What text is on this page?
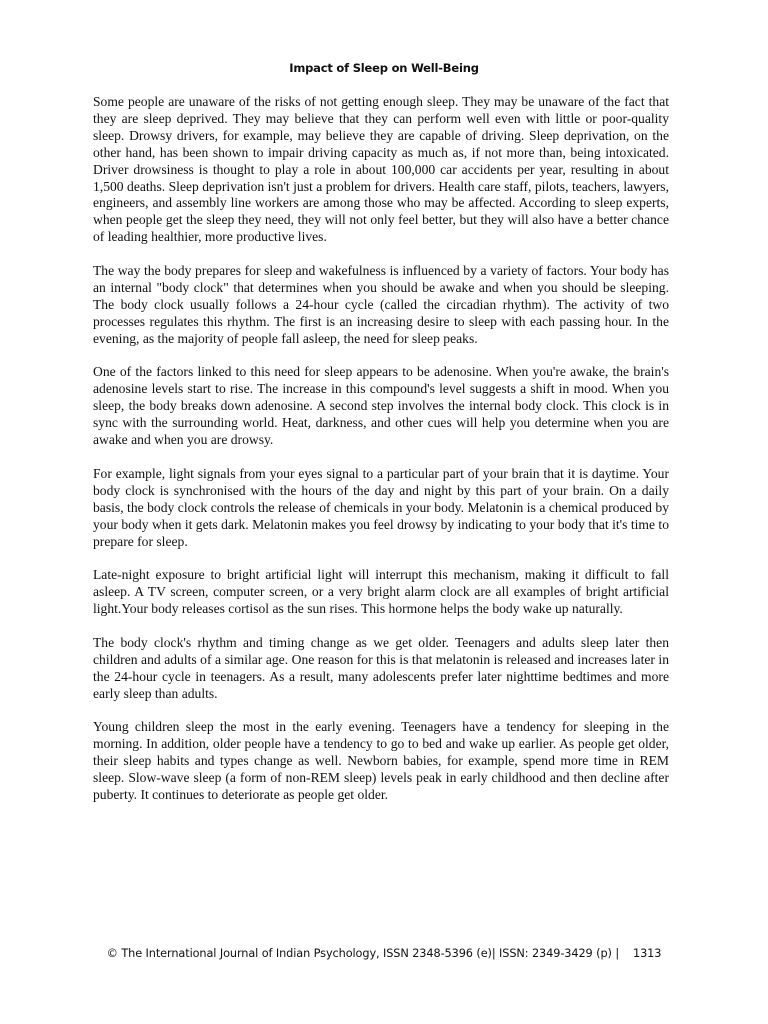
Impact of Sleep on Well-Being

Some people are unaware of the risks of not getting enough sleep. They may be unaware of the fact that they are sleep deprived. They may believe that they can perform well even with little or poor-quality sleep. Drowsy drivers, for example, may believe they are capable of driving. Sleep deprivation, on the other hand, has been shown to impair driving capacity as much as, if not more than, being intoxicated. Driver drowsiness is thought to play a role in about 100,000 car accidents per year, resulting in about 1,500 deaths. Sleep deprivation isn't just a problem for drivers. Health care staff, pilots, teachers, lawyers, engineers, and assembly line workers are among those who may be affected. According to sleep experts, when people get the sleep they need, they will not only feel better, but they will also have a better chance of leading healthier, more productive lives.

The way the body prepares for sleep and wakefulness is influenced by a variety of factors. Your body has an internal "body clock" that determines when you should be awake and when you should be sleeping. The body clock usually follows a 24-hour cycle (called the circadian rhythm). The activity of two processes regulates this rhythm. The first is an increasing desire to sleep with each passing hour. In the evening, as the majority of people fall asleep, the need for sleep peaks.

One of the factors linked to this need for sleep appears to be adenosine. When you're awake, the brain's adenosine levels start to rise. The increase in this compound's level suggests a shift in mood. When you sleep, the body breaks down adenosine. A second step involves the internal body clock. This clock is in sync with the surrounding world. Heat, darkness, and other cues will help you determine when you are awake and when you are drowsy.

For example, light signals from your eyes signal to a particular part of your brain that it is daytime. Your body clock is synchronised with the hours of the day and night by this part of your brain. On a daily basis, the body clock controls the release of chemicals in your body. Melatonin is a chemical produced by your body when it gets dark. Melatonin makes you feel drowsy by indicating to your body that it's time to prepare for sleep.

Late-night exposure to bright artificial light will interrupt this mechanism, making it difficult to fall asleep. A TV screen, computer screen, or a very bright alarm clock are all examples of bright artificial light.Your body releases cortisol as the sun rises. This hormone helps the body wake up naturally.

The body clock's rhythm and timing change as we get older. Teenagers and adults sleep later then children and adults of a similar age. One reason for this is that melatonin is released and increases later in the 24-hour cycle in teenagers. As a result, many adolescents prefer later nighttime bedtimes and more early sleep than adults.

Young children sleep the most in the early evening. Teenagers have a tendency for sleeping in the morning. In addition, older people have a tendency to go to bed and wake up earlier. As people get older, their sleep habits and types change as well. Newborn babies, for example, spend more time in REM sleep. Slow-wave sleep (a form of non-REM sleep) levels peak in early childhood and then decline after puberty. It continues to deteriorate as people get older.

© The International Journal of Indian Psychology, ISSN 2348-5396 (e)| ISSN: 2349-3429 (p) |    1313
